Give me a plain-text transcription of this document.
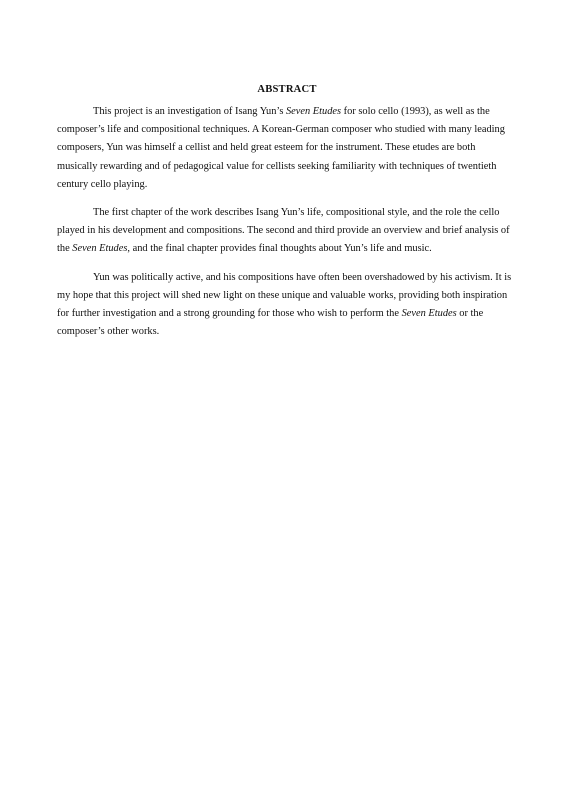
ABSTRACT

This project is an investigation of Isang Yun’s Seven Etudes for solo cello (1993), as well as the composer’s life and compositional techniques. A Korean-German composer who studied with many leading composers, Yun was himself a cellist and held great esteem for the instrument. These etudes are both musically rewarding and of pedagogical value for cellists seeking familiarity with techniques of twentieth century cello playing.

The first chapter of the work describes Isang Yun’s life, compositional style, and the role the cello played in his development and compositions. The second and third provide an overview and brief analysis of the Seven Etudes, and the final chapter provides final thoughts about Yun’s life and music.

Yun was politically active, and his compositions have often been overshadowed by his activism. It is my hope that this project will shed new light on these unique and valuable works, providing both inspiration for further investigation and a strong grounding for those who wish to perform the Seven Etudes or the composer’s other works.
